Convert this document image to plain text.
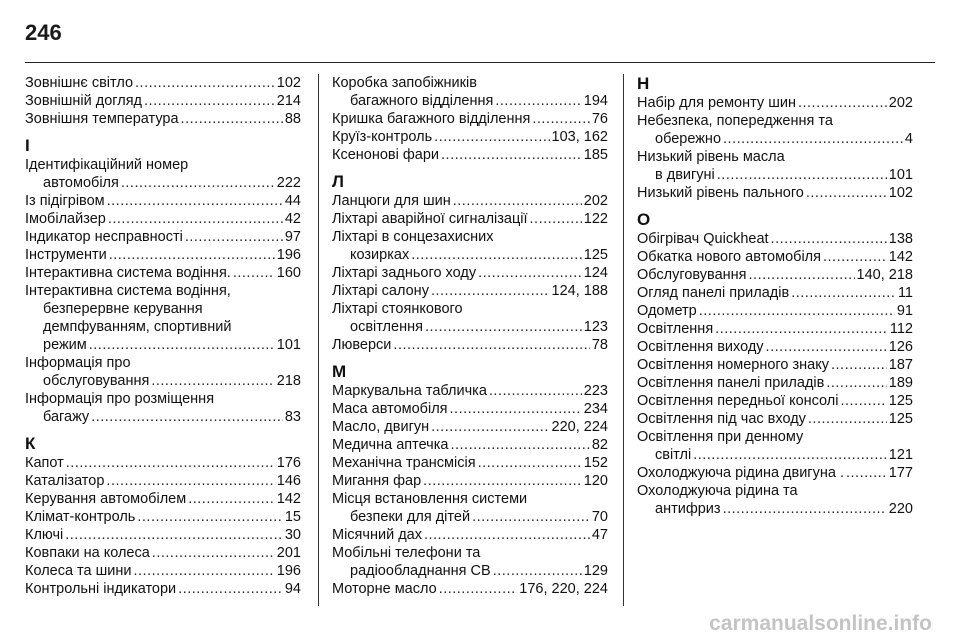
246
Зовнішнє світло .....	102
Зовнішній догляд .....	214
Зовнішня температура .....	88
І
Ідентифікаційний номер
автомобіля .....	222
Із підігрівом .....	44
Імобілайзер .....	42
Індикатор несправності .....	97
Інструменти .....	196
Інтерактивна система водіння. .....	160
Інтерактивна система водіння,
безперервне керування
демпфуванням, спортивний
режим .....	101
Інформація про
обслуговування .....	218
Інформація про розміщення
багажу .....	83
К
Капот .....	176
Каталізатор .....	146
Керування автомобілем .....	142
Клімат-контроль .....	15
Ключі .....	30
Ковпаки на колеса .....	201
Колеса та шини .....	196
Контрольні індикатори .....	94
Коробка запобіжників
багажного відділення .....	194
Кришка багажного відділення .....	76
Круїз-контроль .....	103, 162
Ксенонові фари .....	185
Л
Ланцюги для шин .....	202
Ліхтарі аварійної сигналізації .....	122
Ліхтарі в сонцезахисних
козирках .....	125
Ліхтарі заднього ходу .....	124
Ліхтарі салону .....	124, 188
Ліхтарі стоянкового
освітлення .....	123
Люверси .....	78
М
Маркувальна табличка .....	223
Маса автомобіля .....	234
Масло, двигун .....	220, 224
Медична аптечка .....	82
Механічна трансмісія .....	152
Мигання фар .....	120
Місця встановлення системи
безпеки для дітей .....	70
Місячний дах .....	47
Мобільні телефони та
радіообладнання CB .....	129
Моторне масло .....	176, 220, 224
Н
Набір для ремонту шин .....	202
Небезпека, попередження та
обережно .....	4
Низький рівень масла
в двигуні .....	101
Низький рівень пального .....	102
О
Обігрівач Quickheat .....	138
Обкатка нового автомобіля .....	142
Обслуговування .....	140, 218
Огляд панелі приладів .....	11
Одометр .....	91
Освітлення .....	112
Освітлення виходу .....	126
Освітлення номерного знаку .....	187
Освітлення панелі приладів .....	189
Освітлення передньої консолі .....	125
Освітлення під час входу .....	125
Освітлення при денному
світлі .....	121
Охолоджуюча рідина двигуна . .....	177
Охолоджуюча рідина та
антифриз .....	220
carmanualsonline.info
